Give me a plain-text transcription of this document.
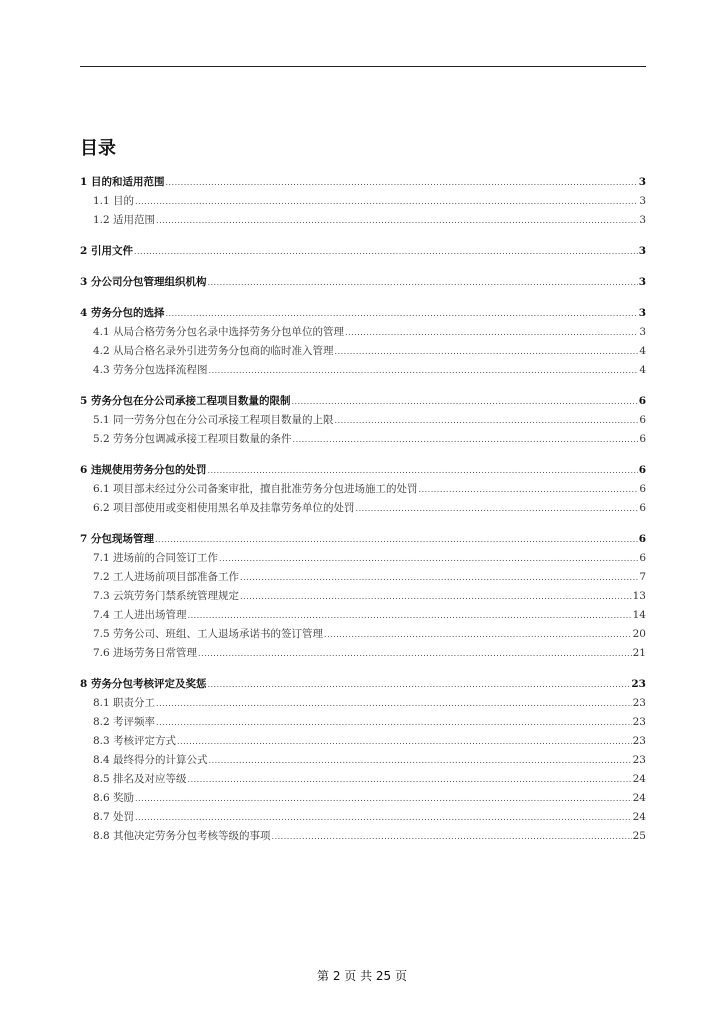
目录
1 目的和适用范围 .....	3
1.1 目的 .....	3
1.2 适用范围 .....	3
2 引用文件 .....	3
3 分公司分包管理组织机构 .....	3
4 劳务分包的选择 .....	3
4.1 从局合格劳务分包名录中选择劳务分包单位的管理 .....	3
4.2 从局合格名录外引进劳务分包商的临时准入管理 .....	4
4.3 劳务分包选择流程图 .....	4
5 劳务分包在分公司承接工程项目数量的限制 .....	6
5.1 同一劳务分包在分公司承接工程项目数量的上限 .....	6
5.2 劳务分包调减承接工程项目数量的条件 .....	6
6 违规使用劳务分包的处罚 .....	6
6.1 项目部未经过分公司备案审批，擅自批准劳务分包进场施工的处罚 .....	6
6.2 项目部使用或变相使用黑名单及挂靠劳务单位的处罚 .....	6
7 分包现场管理 .....	6
7.1 进场前的合同签订工作 .....	6
7.2 工人进场前项目部准备工作 .....	7
7.3 云筑劳务门禁系统管理规定 .....	13
7.4 工人进出场管理 .....	14
7.5 劳务公司、班组、工人退场承诺书的签订管理 .....	20
7.6 进场劳务日常管理 .....	21
8 劳务分包考核评定及奖惩 .....	23
8.1 职责分工 .....	23
8.2 考评频率 .....	23
8.3 考核评定方式 .....	23
8.4 最终得分的计算公式 .....	23
8.5 排名及对应等级 .....	24
8.6 奖励 .....	24
8.7 处罚 .....	24
8.8 其他决定劳务分包考核等级的事项 .....	25
第 2 页 共 25 页
